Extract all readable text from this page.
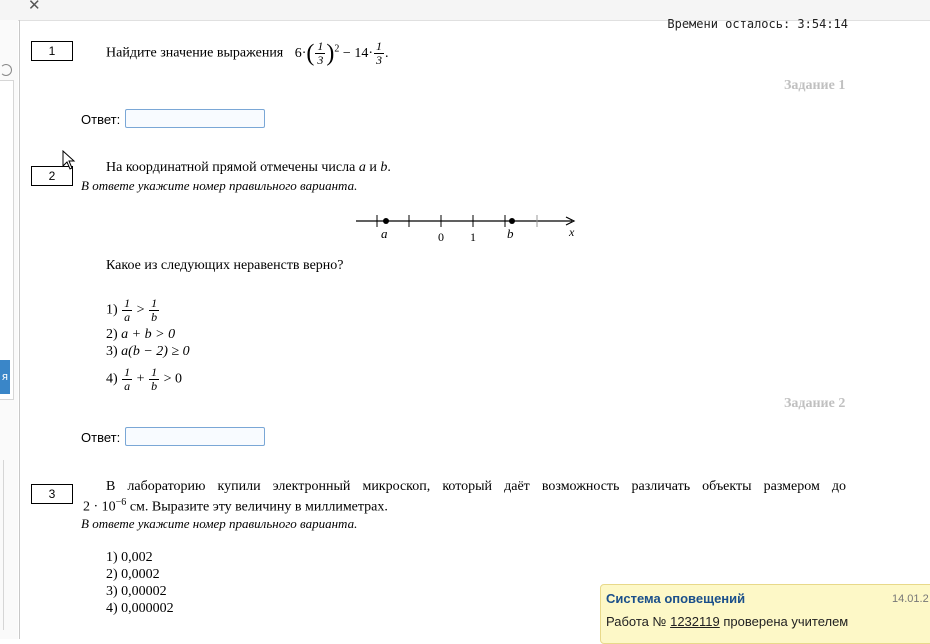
✕
я
Времени осталось: 3:54:14
1	Найдите значение выражения $6\cdot( \frac{1}{3} )^2 - 14\cdot \frac{1}{3}$ .
Задание 1
Ответ:
2
На координатной прямой отмечены числа a и b.
В ответе укажите номер правильного варианта.
a	0 1 b	x
Какое из следующих неравенств верно?
$1) \frac{1}{a} > \frac{1}{b}$
2) a + b > 0
3) a(b − 2) ≥ 0
$4) \frac{1}{a} + \frac{1}{b} > 0$
Задание 2
Ответ:
3	В лабораторию купили электронный микроскоп, который даёт возможность различать объекты размером до
$2 \cdot 10^{-6}$ см. Выразите эту величину в миллиметрах.
В ответе укажите номер правильного варианта.
1) 0,002
2) 0,0002
3) 0,00002
4) 0,000002
Система оповещений	14.01.2
Работа № 1232119 проверена учителем
